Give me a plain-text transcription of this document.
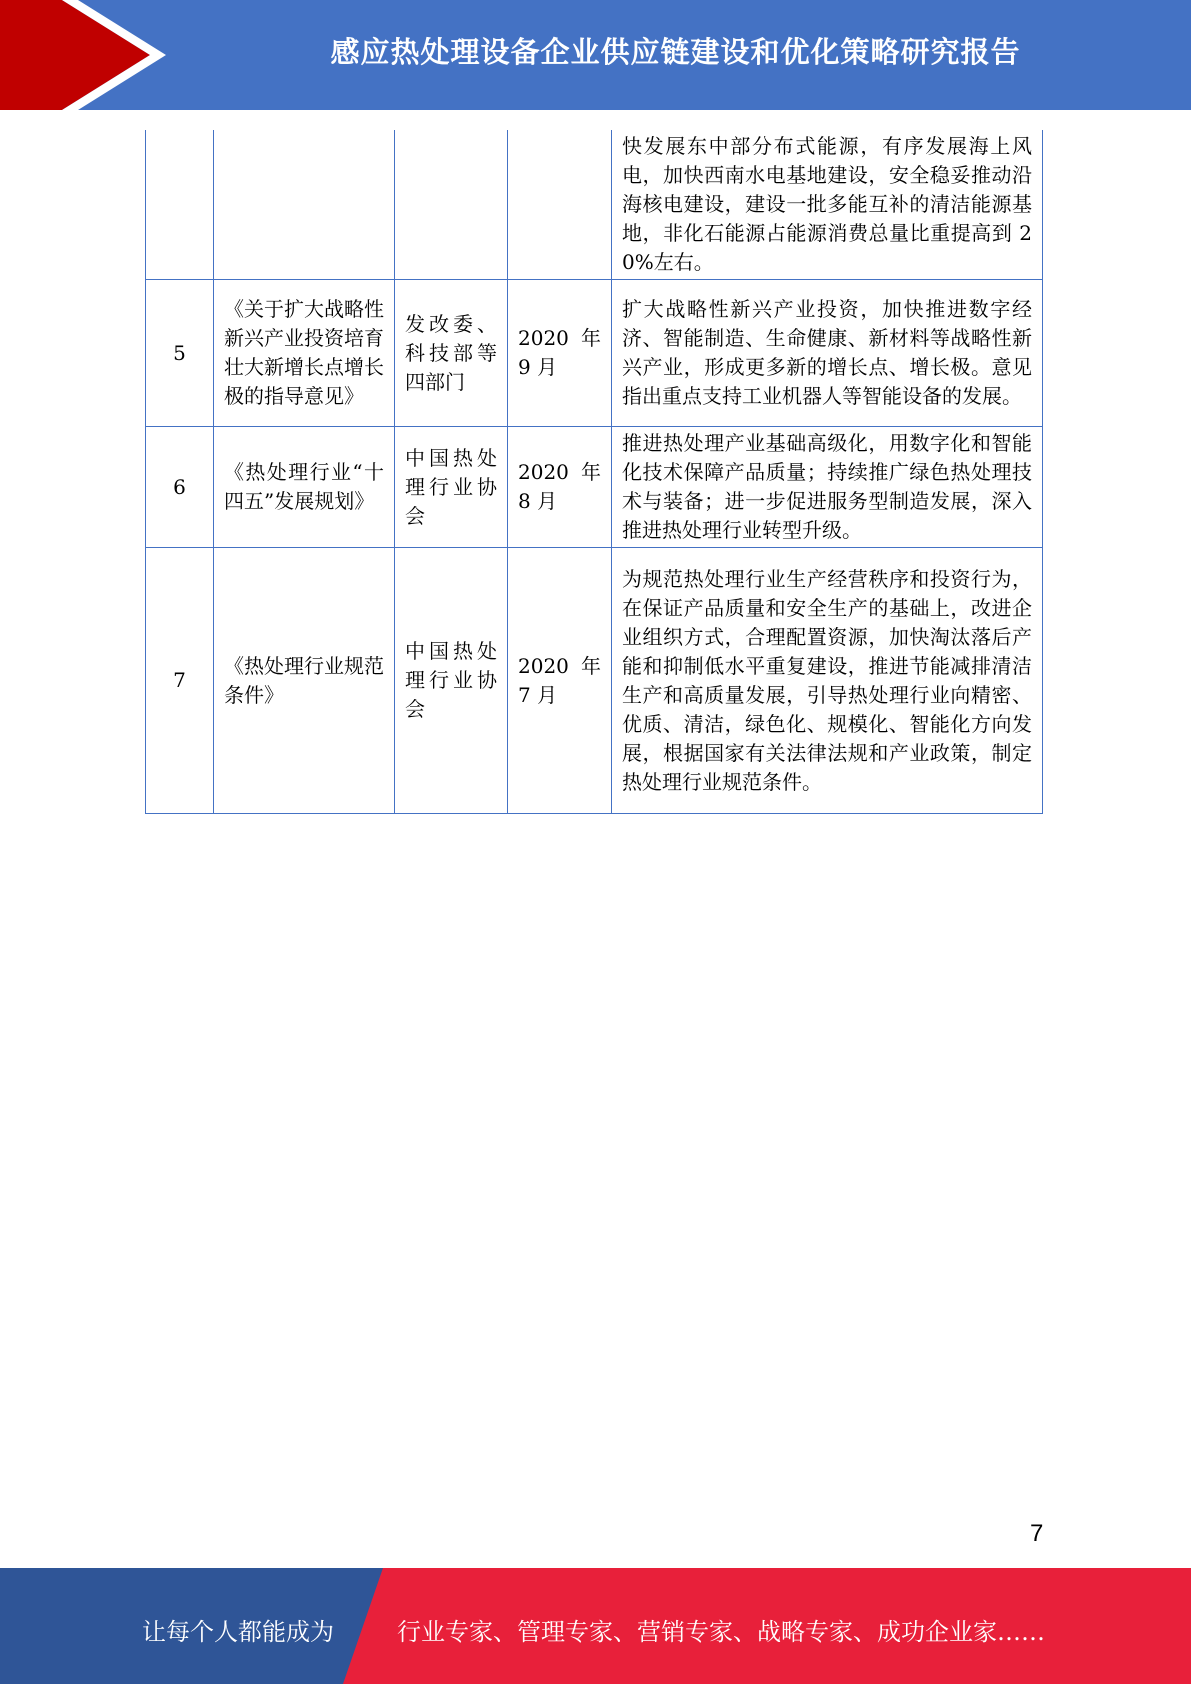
感应热处理设备企业供应链建设和优化策略研究报告
				快发展东中部分布式能源，有序发展海上风电，加快西南水电基地建设，安全稳妥推动沿海核电建设，建设一批多能互补的清洁能源基地，非化石能源占能源消费总量比重提高到 20%左右。
5	《关于扩大战略性新兴产业投资培育壮大新增长点增长极的指导意见》	发改委、科技部等四部门	2020 年 9 月	扩大战略性新兴产业投资，加快推进数字经济、智能制造、生命健康、新材料等战略性新兴产业，形成更多新的增长点、增长极。意见指出重点支持工业机器人等智能设备的发展。
6	《热处理行业“十四五”发展规划》	中国热处理行业协会	2020 年 8 月	推进热处理产业基础高级化，用数字化和智能化技术保障产品质量；持续推广绿色热处理技术与装备；进一步促进服务型制造发展，深入推进热处理行业转型升级。
7	《热处理行业规范条件》	中国热处理行业协会	2020 年 7 月	为规范热处理行业生产经营秩序和投资行为，在保证产品质量和安全生产的基础上，改进企业组织方式，合理配置资源，加快淘汰落后产能和抑制低水平重复建设，推进节能减排清洁生产和高质量发展，引导热处理行业向精密、优质、清洁，绿色化、规模化、智能化方向发展，根据国家有关法律法规和产业政策，制定热处理行业规范条件。
7
让每个人都能成为	行业专家、管理专家、营销专家、战略专家、成功企业家……
